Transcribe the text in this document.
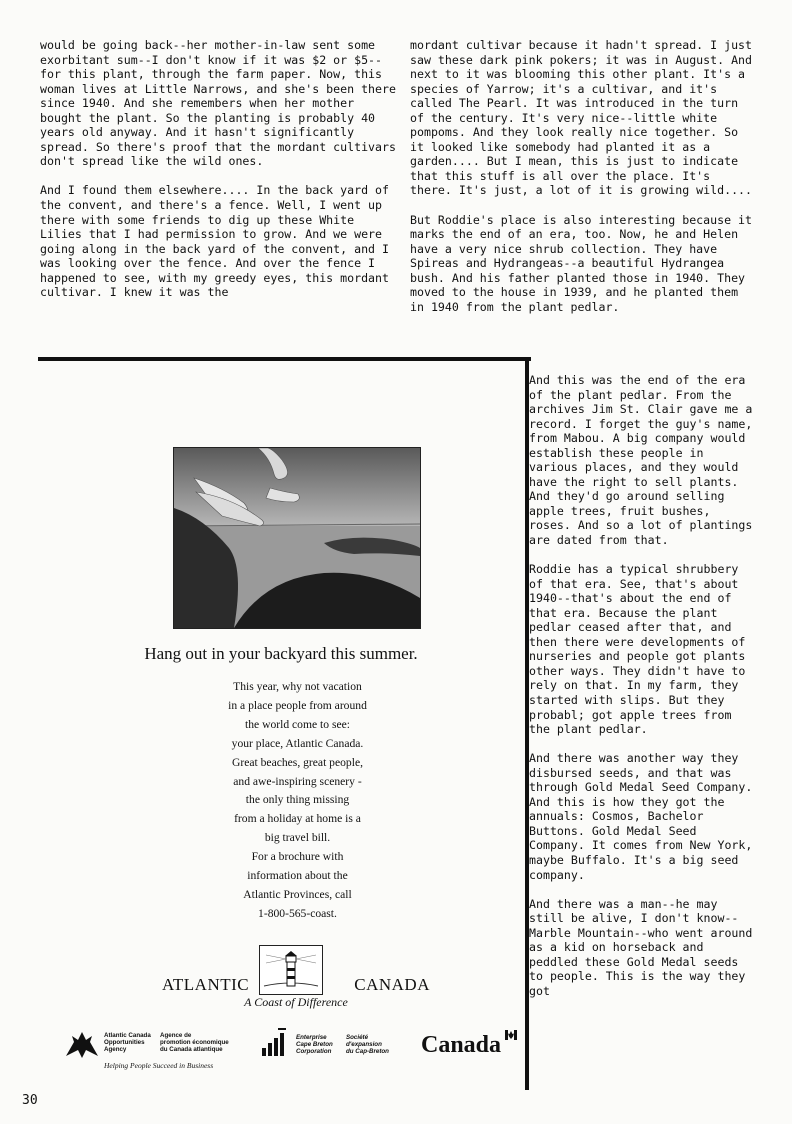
would be going back--her mother-in-law sent some exorbitant sum--I don't know if it was $2 or $5--for this plant, through the farm paper. Now, this woman lives at Little Narrows, and she's been there since 1940. And she remembers when her mother bought the plant. So the planting is probably 40 years old anyway. And it hasn't significantly spread. So there's proof that the mordant cultivars don't spread like the wild ones.

And I found them elsewhere.... In the back yard of the convent, and there's a fence. Well, I went up there with some friends to dig up these White Lilies that I had permission to grow. And we were going along in the back yard of the convent, and I was looking over the fence. And over the fence I happened to see, with my greedy eyes, this mordant cultivar. I knew it was the

mordant cultivar because it hadn't spread. I just saw these dark pink pokers; it was in August. And next to it was blooming this other plant. It's a species of Yarrow; it's a cultivar, and it's called The Pearl. It was introduced in the turn of the century. It's very nice--little white pompoms. And they look really nice together. So it looked like somebody had planted it as a garden.... But I mean, this is just to indicate that this stuff is all over the place. It's there. It's just, a lot of it is growing wild....

But Roddie's place is also interesting because it marks the end of an era, too. Now, he and Helen have a very nice shrub collection. They have Spireas and Hydrangeas--a beautiful Hydrangea bush. And his father planted those in 1940. They moved to the house in 1939, and he planted them in 1940 from the plant pedlar.

And this was the end of the era of the plant pedlar. From the archives Jim St. Clair gave me a record. I forget the guy's name, from Mabou. A big company would establish these people in various places, and they would have the right to sell plants. And they'd go around selling apple trees, fruit bushes, roses. And so a lot of plantings are dated from that.

Roddie has a typical shrubbery of that era. See, that's about 1940--that's about the end of that era. Because the plant pedlar ceased after that, and then there were developments of nurseries and people got plants other ways. They didn't have to rely on that. In my farm, they started with slips. But they probabl; got apple trees from the plant pedlar.

And there was another way they disbursed seeds, and that was through Gold Medal Seed Company. And this is how they got the annuals: Cosmos, Bachelor Buttons. Gold Medal Seed Company. It comes from New York, maybe Buffalo. It's a big seed company.

And there was a man--he may still be alive, I don't know--Marble Mountain--who went around as a kid on horseback and peddled these Gold Medal seeds to people. This is the way they got

Hang out in your backyard this summer.
This year, why not vacation
in a place people from around
the world come to see:
your place, Atlantic Canada.
Great beaches, great people,
and awe-inspiring scenery -
the only thing missing
from a holiday at home is a
big travel bill.
For a brochure with
information about the
Atlantic Provinces, call
1-800-565-coast.
ATLANTIC	CANADA
A Coast of Difference
Atlantic Canada
Opportunities
Agency
Agence de
promotion économique
du Canada atlantique
Helping People Succeed in Business
Enterprise
Cape Breton
Corporation
Société
d'expansion
du Cap-Breton Canada
30
